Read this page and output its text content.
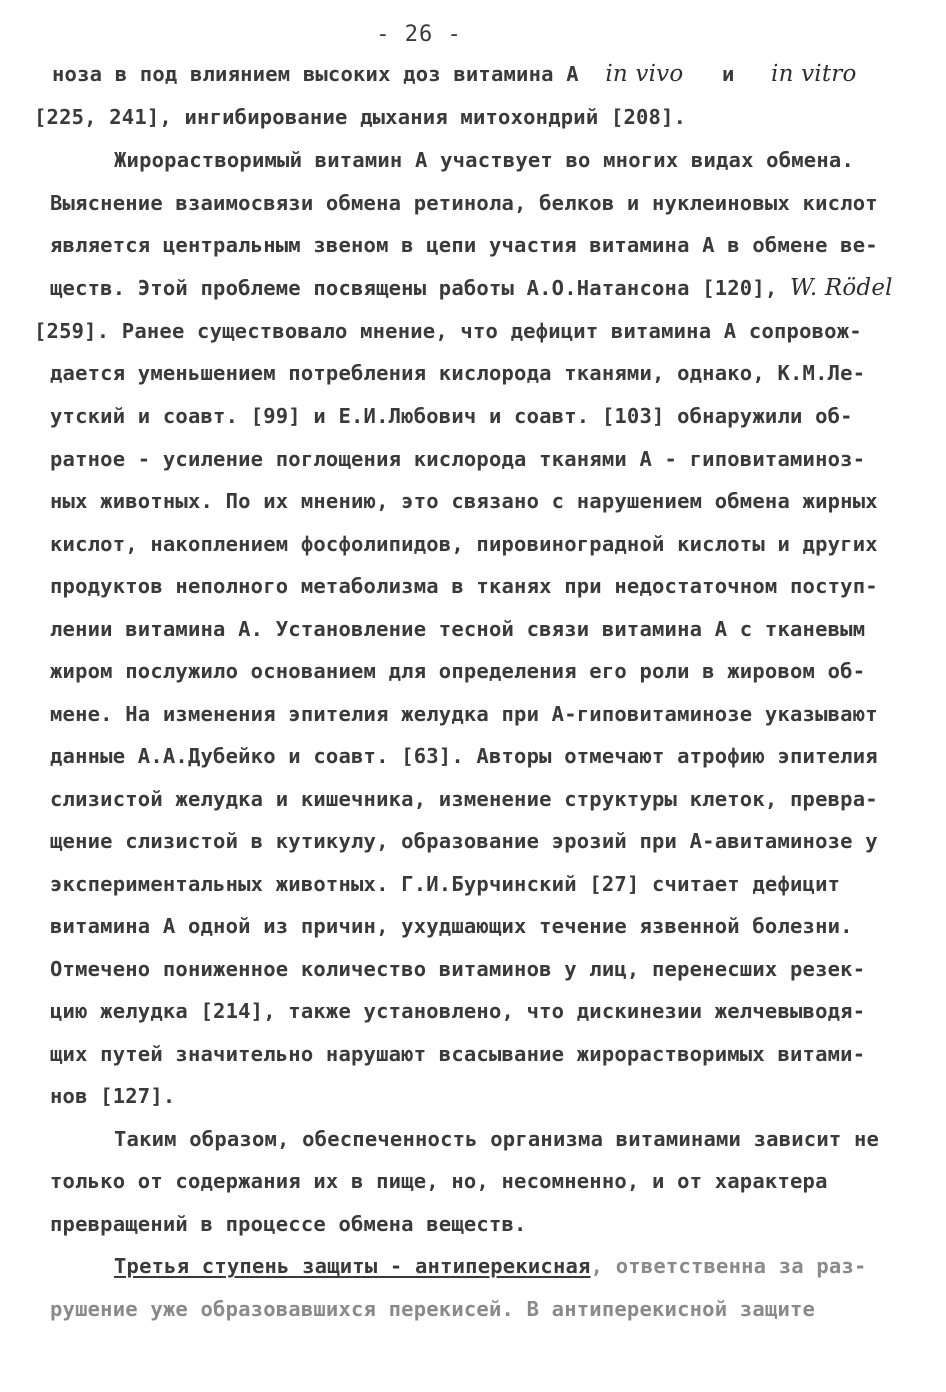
- 26 -
ноза в под влиянием высоких доз витамина А in vivo и in vitro
[225, 241], ингибирование дыхания митохондрий [208].
Жирорастворимый витамин А участвует во многих видах обмена.
Выяснение взаимосвязи обмена ретинола, белков и нуклеиновых кислот
является центральным звеном в цепи участия витамина А в обмене ве-
ществ. Этой проблеме посвящены работы А.О.Натансона [120], W. Rödel
[259]. Ранее существовало мнение, что дефицит витамина А сопровож-
дается уменьшением потребления кислорода тканями, однако, К.М.Ле-
утский и соавт. [99] и Е.И.Любович и соавт. [103] обнаружили об-
ратное - усиление поглощения кислорода тканями А - гиповитаминоз-
ных животных. По их мнению, это связано с нарушением обмена жирных
кислот, накоплением фосфолипидов, пировиноградной кислоты и других
продуктов неполного метаболизма в тканях при недостаточном поступ-
лении витамина А. Установление тесной связи витамина А с тканевым
жиром послужило основанием для определения его роли в жировом об-
мене. На изменения эпителия желудка при А-гиповитаминозе указывают
данные А.А.Дубейко и соавт. [63]. Авторы отмечают атрофию эпителия
слизистой желудка и кишечника, изменение структуры клеток, превра-
щение слизистой в кутикулу, образование эрозий при А-авитаминозе у
экспериментальных животных. Г.И.Бурчинский [27] считает дефицит
витамина А одной из причин, ухудшающих течение язвенной болезни.
Отмечено пониженное количество витаминов у лиц, перенесших резек-
цию желудка [214], также установлено, что дискинезии желчевыводя-
щих путей значительно нарушают всасывание жирорастворимых витами-
нов [127].
Таким образом, обеспеченность организма витаминами зависит не
только от содержания их в пище, но, несомненно, и от характера
превращений в процессе обмена веществ.
Третья ступень защиты - антиперекисная, ответственна за раз-
рушение уже образовавшихся перекисей. В антиперекисной защите
